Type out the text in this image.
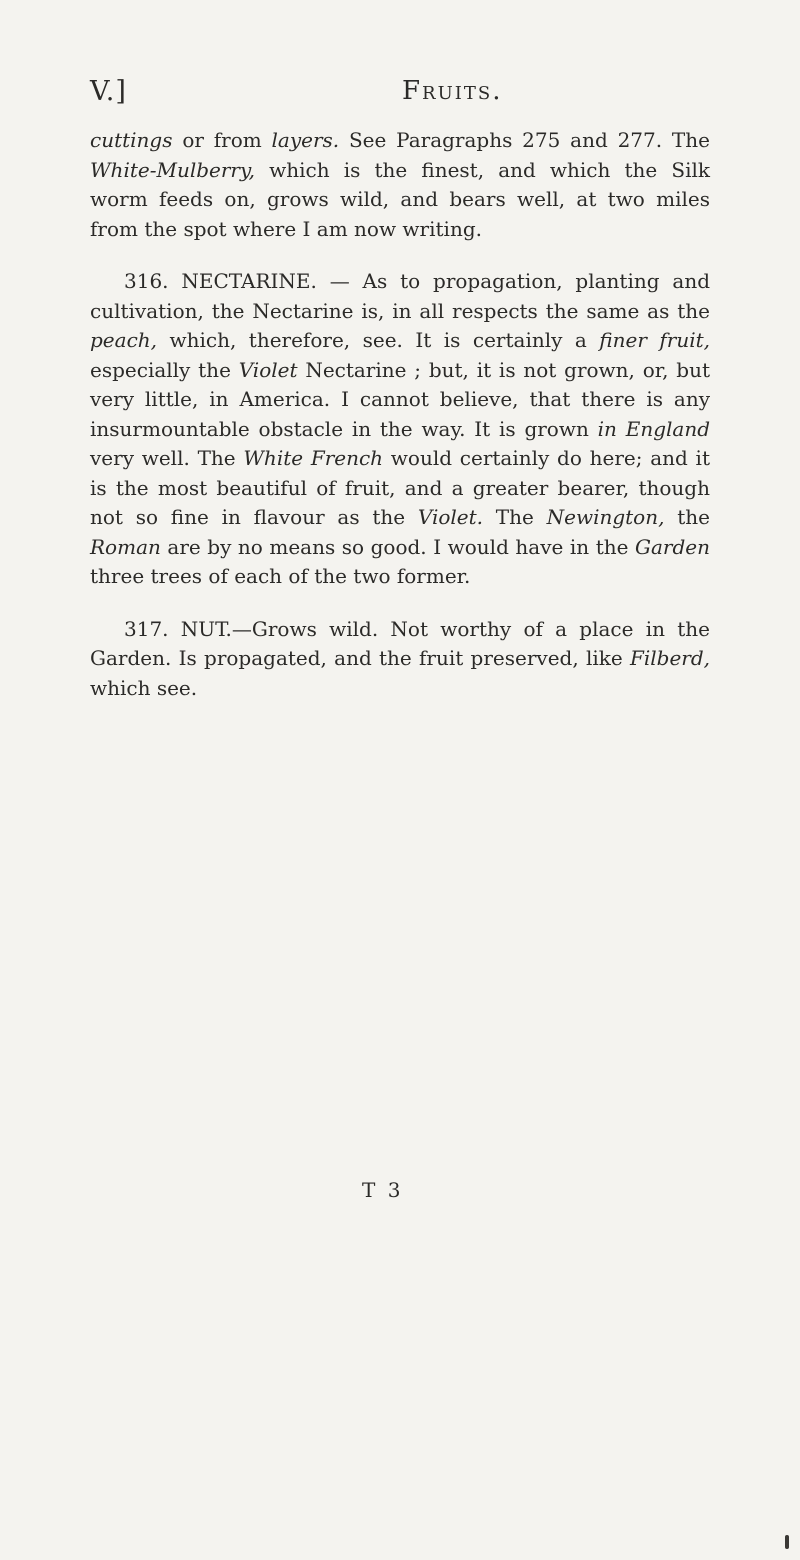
V.]	Fruits.

cuttings or from layers. See Paragraphs 275 and 277. The White-Mulberry, which is the finest, and which the Silk worm feeds on, grows wild, and bears well, at two miles from the spot where I am now writing.

316. NECTARINE. — As to propagation, planting and cultivation, the Nectarine is, in all respects the same as the peach, which, therefore, see. It is certainly a finer fruit, especially the Violet Nectarine ; but, it is not grown, or, but very little, in America. I cannot believe, that there is any insurmountable obstacle in the way. It is grown in England very well. The White French would certainly do here; and it is the most beautiful of fruit, and a greater bearer, though not so fine in flavour as the Violet. The Newington, the Roman are by no means so good. I would have in the Garden three trees of each of the two former.

317. NUT.—Grows wild. Not worthy of a place in the Garden. Is propagated, and the fruit preserved, like Filberd, which see.

T 3
